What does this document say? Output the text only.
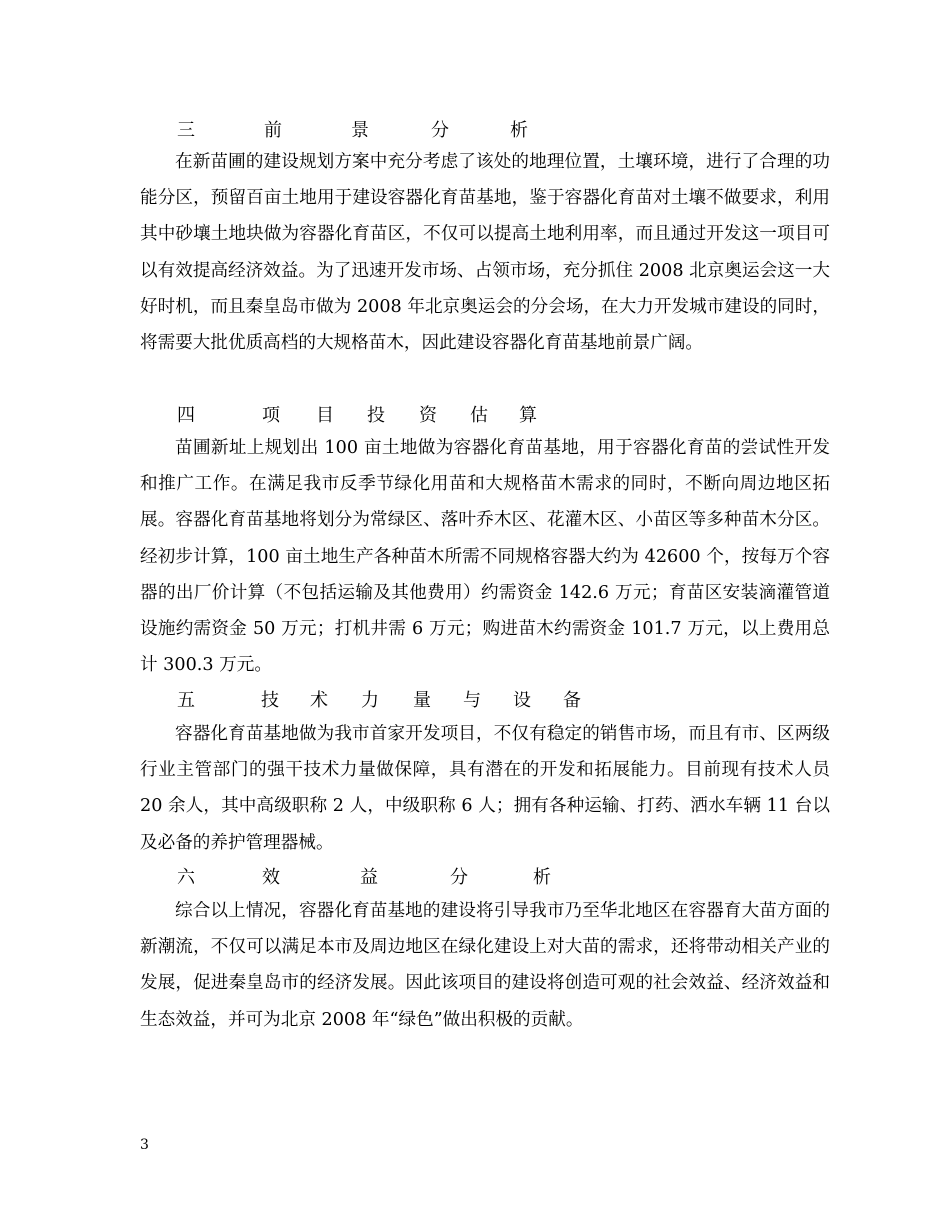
三	前	景	分	析

在新苗圃的建设规划方案中充分考虑了该处的地理位置，土壤环境，进行了合理的功能分区，预留百亩土地用于建设容器化育苗基地，鉴于容器化育苗对土壤不做要求，利用其中砂壤土地块做为容器化育苗区，不仅可以提高土地利用率，而且通过开发这一项目可以有效提高经济效益。为了迅速开发市场、占领市场，充分抓住 2008 北京奥运会这一大好时机，而且秦皇岛市做为 2008 年北京奥运会的分会场，在大力开发城市建设的同时，将需要大批优质高档的大规格苗木，因此建设容器化育苗基地前景广阔。

四	项 目 投 资 估 算

苗圃新址上规划出 100 亩土地做为容器化育苗基地，用于容器化育苗的尝试性开发和推广工作。在满足我市反季节绿化用苗和大规格苗木需求的同时，不断向周边地区拓展。容器化育苗基地将划分为常绿区、落叶乔木区、花灌木区、小苗区等多种苗木分区。经初步计算，100 亩土地生产各种苗木所需不同规格容器大约为 42600 个，按每万个容器的出厂价计算（不包括运输及其他费用）约需资金 142.6 万元；育苗区安装滴灌管道设施约需资金 50 万元；打机井需 6 万元；购进苗木约需资金 101.7 万元，以上费用总计 300.3 万元。

五	技 术 力 量 与 设 备

容器化育苗基地做为我市首家开发项目，不仅有稳定的销售市场，而且有市、区两级行业主管部门的强干技术力量做保障，具有潜在的开发和拓展能力。目前现有技术人员 20 余人，其中高级职称 2 人，中级职称 6 人；拥有各种运输、打药、洒水车辆 11 台以及必备的养护管理器械。

六	效	益	分	析

综合以上情况，容器化育苗基地的建设将引导我市乃至华北地区在容器育大苗方面的新潮流，不仅可以满足本市及周边地区在绿化建设上对大苗的需求，还将带动相关产业的发展，促进秦皇岛市的经济发展。因此该项目的建设将创造可观的社会效益、经济效益和生态效益，并可为北京 2008 年“绿色”做出积极的贡献。

3
